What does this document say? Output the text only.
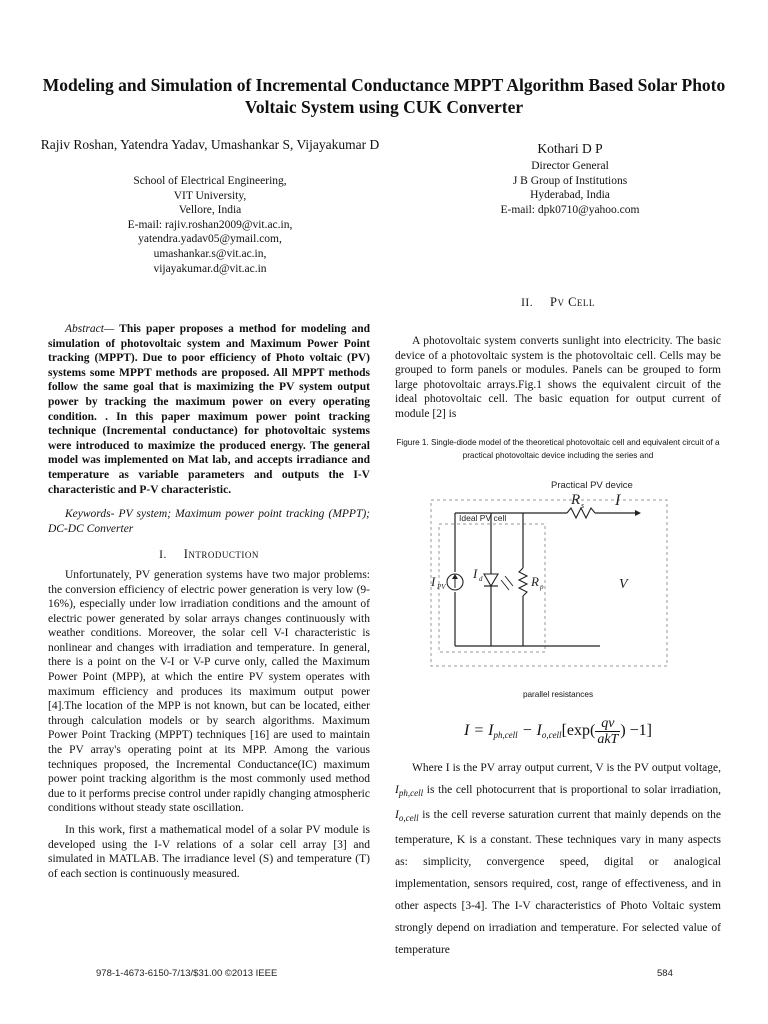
Modeling and Simulation of Incremental Conductance MPPT Algorithm Based Solar Photo Voltaic System using CUK Converter
Rajiv Roshan, Yatendra Yadav, Umashankar S, Vijayakumar D
School of Electrical Engineering,
VIT University,
Vellore, India
E-mail: rajiv.roshan2009@vit.ac.in,
yatendra.yadav05@ymail.com,
umashankar.s@vit.ac.in,
vijayakumar.d@vit.ac.in
Kothari D P
Director General
J B Group of Institutions
Hyderabad, India
E-mail: dpk0710@yahoo.com

Abstract— This paper proposes a method for modeling and simulation of photovoltaic system and Maximum Power Point tracking (MPPT). Due to poor efficiency of Photo voltaic (PV) systems some MPPT methods are proposed. All MPPT methods follow the same goal that is maximizing the PV system output power by tracking the maximum power on every operating condition. . In this paper maximum power point tracking technique (Incremental conductance) for photovoltaic systems were introduced to maximize the produced energy. The general model was implemented on Mat lab, and accepts irradiance and temperature as variable parameters and outputs the I-V characteristic and P-V characteristic.

Keywords- PV system; Maximum power point tracking (MPPT); DC-DC Converter

I. Introduction

Unfortunately, PV generation systems have two major problems: the conversion efficiency of electric power generation is very low (9-16%), especially under low irradiation conditions and the amount of electric power generated by solar arrays changes continuously with weather conditions. Moreover, the solar cell V-I characteristic is nonlinear and changes with irradiation and temperature. In general, there is a point on the V-I or V-P curve only, called the Maximum Power Point (MPP), at which the entire PV system operates with maximum efficiency and produces its maximum output power [4].The location of the MPP is not known, but can be located, either through calculation models or by search algorithms. Maximum Power Point Tracking (MPPT) techniques [16] are used to maintain the PV array's operating point at its MPP. Among the various techniques proposed, the Incremental Conductance(IC) maximum power point tracking algorithm is the most commonly used method due to it performs precise control under rapidly changing atmospheric conditions without steady state oscillation.

In this work, first a mathematical model of a solar PV module is developed using the I-V relations of a solar cell array [3] and simulated in MATLAB. The irradiance level (S) and temperature (T) of each section is continuously measured.

II. Pv Cell

A photovoltaic system converts sunlight into electricity. The basic device of a photovoltaic system is the photovoltaic cell. Cells may be grouped to form panels or modules. Panels can be grouped to form large photovoltaic arrays.Fig.1 shows the equivalent circuit of the ideal photovoltaic cell. The basic equation for output current of module [2] is

Figure 1. Single-diode model of the theoretical photovoltaic cell and equivalent circuit of a practical photovoltaic device including the series and
Practical PV device
Ideal PV cell
R s I
I PV
I d	R p	V
parallel resistances
$I = I_{ph,cell} - I_{o,cell}[\exp( \frac{qv}{\text{akT}}$ ) −1]

Where I is the PV array output current, V is the PV output voltage, $I_{ph,cell}$ is the cell photocurrent that is proportional to solar irradiation, $I_{o,cell}$ is the cell reverse saturation current that mainly depends on the temperature, K is a constant. These techniques vary in many aspects as: simplicity, convergence speed, digital or analogical implementation, sensors required, cost, range of effectiveness, and in other aspects [3-4]. The I-V characteristics of Photo Voltaic system strongly depend on irradiation and temperature. For selected value of temperature

978-1-4673-6150-7/13/$31.00 ©2013 IEEE	584
